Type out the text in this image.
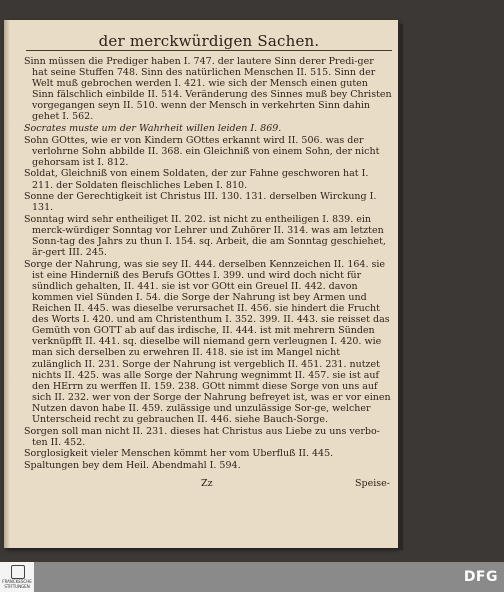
der merckwürdigen Sachen.

Sinn müssen die Prediger haben I. 747. der lautere Sinn derer Predi-ger hat seine Stuffen 748. Sinn des natürlichen Menschen II. 515. Sinn der Welt muß gebrochen werden I. 421. wie sich der Mensch einen guten Sinn fälschlich einbilde II. 514. Veränderung des Sinnes muß bey Christen vorgegangen seyn II. 510. wenn der Mensch in verkehrten Sinn dahin gehet I. 562.

Socrates muste um der Wahrheit willen leiden I. 869.

Sohn GOttes, wie er von Kindern GOttes erkannt wird II. 506. was der verlohrne Sohn abbilde II. 368. ein Gleichniß von einem Sohn, der nicht gehorsam ist I. 812.

Soldat, Gleichniß von einem Soldaten, der zur Fahne geschworen hat I. 211. der Soldaten fleischliches Leben I. 810.

Sonne der Gerechtigkeit ist Christus III. 130. 131. derselben Wirckung I. 131.

Sonntag wird sehr entheiliget II. 202. ist nicht zu entheiligen I. 839. ein merck-würdiger Sonntag vor Lehrer und Zuhörer II. 314. was am letzten Sonn-tag des Jahrs zu thun I. 154. sq. Arbeit, die am Sonntag geschiehet, är-gert III. 245.

Sorge der Nahrung, was sie sey II. 444. derselben Kennzeichen II. 164. sie ist eine Hinderniß des Berufs GOttes I. 399. und wird doch nicht für sündlich gehalten, II. 441. sie ist vor GOtt ein Greuel II. 442. davon kommen viel Sünden I. 54. die Sorge der Nahrung ist bey Armen und Reichen II. 445. was dieselbe verursachet II. 456. sie hindert die Frucht des Worts I. 420. und am Christenthum I. 352. 399. II. 443. sie reisset das Gemüth von GOTT ab auf das irdische, II. 444. ist mit mehrern Sünden verknüpfft II. 441. sq. dieselbe will niemand gern verleugnen I. 420. wie man sich derselben zu erwehren II. 418. sie ist im Mangel nicht zulänglich II. 231. Sorge der Nahrung ist vergeblich II. 451. 231. nutzet nichts II. 425. was alle Sorge der Nahrung wegnimmt II. 457. sie ist auf den HErrn zu werffen II. 159. 238. GOtt nimmt diese Sorge von uns auf sich II. 232. wer von der Sorge der Nahrung befreyet ist, was er vor einen Nutzen davon habe II. 459. zulässige und unzulässige Sor-ge, welcher Unterscheid recht zu gebrauchen II. 446. siehe Bauch-Sorge.

Sorgen soll man nicht II. 231. dieses hat Christus aus Liebe zu uns verbo-ten II. 452.

Sorglosigkeit vieler Menschen kömmt her vom Uberfluß II. 445.

Spaltungen bey dem Heil. Abendmahl I. 594.

Zz	Speise-
FRANCKESCHE STIFTUNGEN
DFG
